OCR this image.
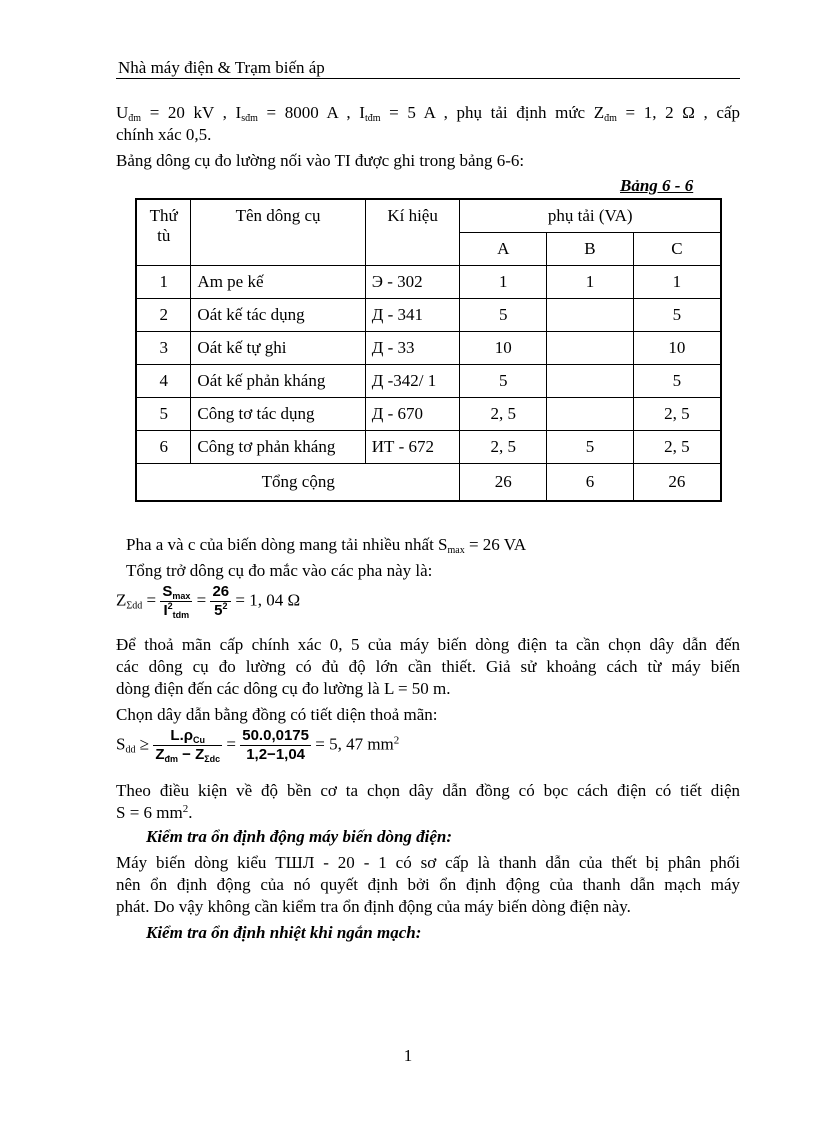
Nhà máy điện & Trạm biến áp
$U_{đm} = 20$ kV , $I_{sđm} = 8000$ A , $I_{tđm} = 5$ A , phụ tải định mức $Z_{đm} = 1$, 2 Ω , cấp
chính xác 0,5.
Bảng dông cụ đo lường nối vào TI được ghi trong bảng 6-6:
Bảng 6 - 6
Thứ tù	Tên dông cụ	Kí hiệu	phụ tải (VA)		
			A	B	C
1	Am pe kế	Э - 302	1	1	1
2	Oát kế tác dụng	Д - 341	5		5
3	Oát kế tự ghi	Д - 33	10		10
4	Oát kế phản kháng	Д -342/ 1	5		5
5	Công tơ tác dụng	Д - 670	2, 5		2, 5
6	Công tơ phản kháng	ИТ - 672	2, 5	5	2, 5
Tổng cộng			26	6	26
Pha a và c của biến dòng mang tải nhiều nhất $S_{max} = 26$ VA
Tổng trở dông cụ đo mắc vào các pha này là:
$Z_{\Sigma dd} = \frac{S_{max}}{I^2_{tdm}} = \frac{26}{5^2} = 1$, 04 Ω
Để thoả mãn cấp chính xác 0, 5 của máy biến dòng điện ta cần chọn dây dẫn đến
các dông cụ đo lường có đủ độ lớn cần thiết. Giả sử khoảng cách từ máy biến
dòng điện đến các dông cụ đo lường là L = 50 m.
Chọn dây dẫn bằng đồng có tiết diện thoả mãn:
$S_{dd} \ge \frac{L.\rho_{Cu}}{Z_{đm} - Z_{\Sigma dc}} = \frac{50.0,0175}{1,2-1,04} = 5$, 47 $mm^2$
Theo điều kiện về độ bền cơ ta chọn dây dẫn đồng có bọc cách điện có tiết diện
S = 6 $mm^2$.
Kiểm tra ổn định động máy biến dòng điện:
Máy biến dòng kiểu ТШЛ - 20 - 1 có sơ cấp là thanh dẫn của thết bị phân phối
nên ổn định động của nó quyết định bởi ổn định động của thanh dẫn mạch máy
phát. Do vậy không cần kiểm tra ổn định động của máy biến dòng điện này.
Kiểm tra ổn định nhiệt khi ngắn mạch:
1
